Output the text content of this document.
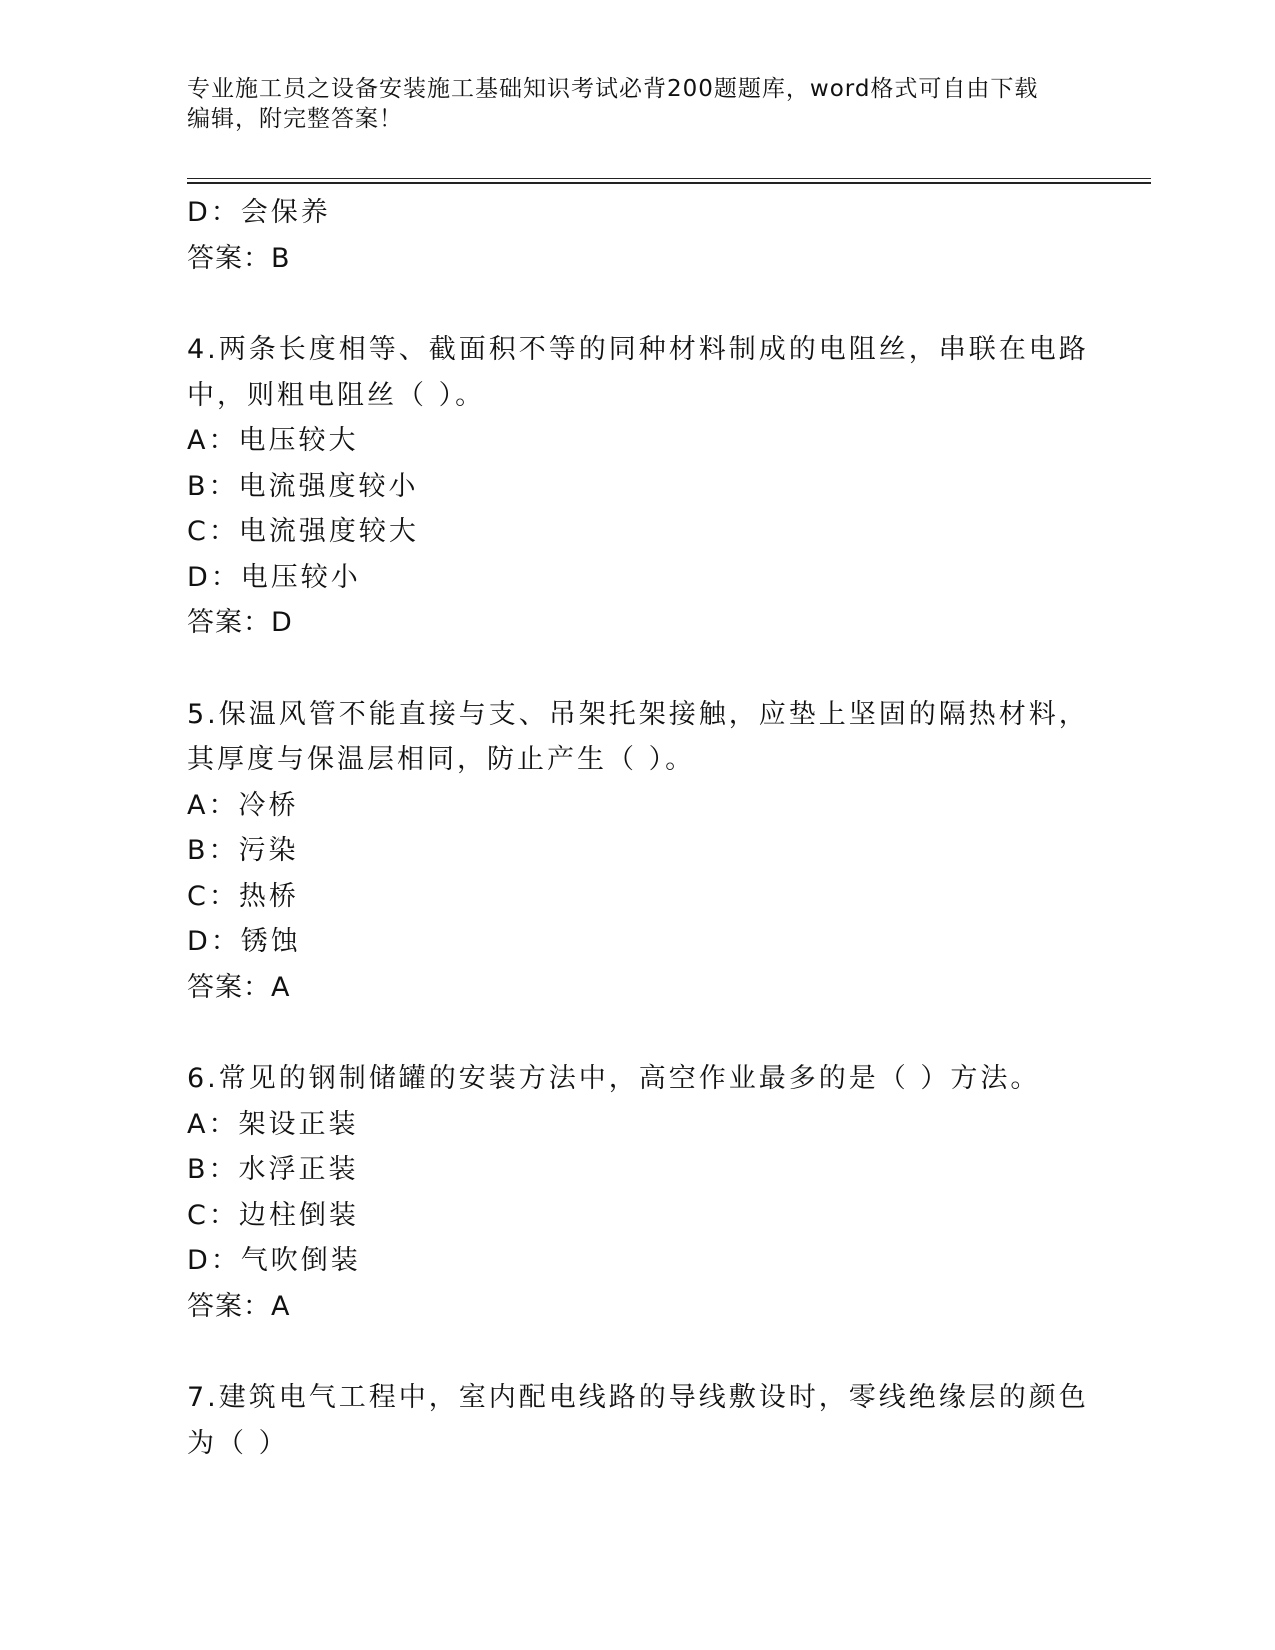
专业施工员之设备安装施工基础知识考试必背200题题库，word格式可自由下载
编辑，附完整答案！
D：会保养
答案：B
4.两条长度相等、截面积不等的同种材料制成的电阻丝，串联在电路
中，则粗电阻丝（ ）。
A：电压较大
B：电流强度较小
C：电流强度较大
D：电压较小
答案：D
5.保温风管不能直接与支、吊架托架接触，应垫上坚固的隔热材料，
其厚度与保温层相同，防止产生（ ）。
A：冷桥
B：污染
C：热桥
D：锈蚀
答案：A
6.常见的钢制储罐的安装方法中，高空作业最多的是（ ）方法。
A：架设正装
B：水浮正装
C：边柱倒装
D：气吹倒装
答案：A
7.建筑电气工程中，室内配电线路的导线敷设时，零线绝缘层的颜色
为（ ）
